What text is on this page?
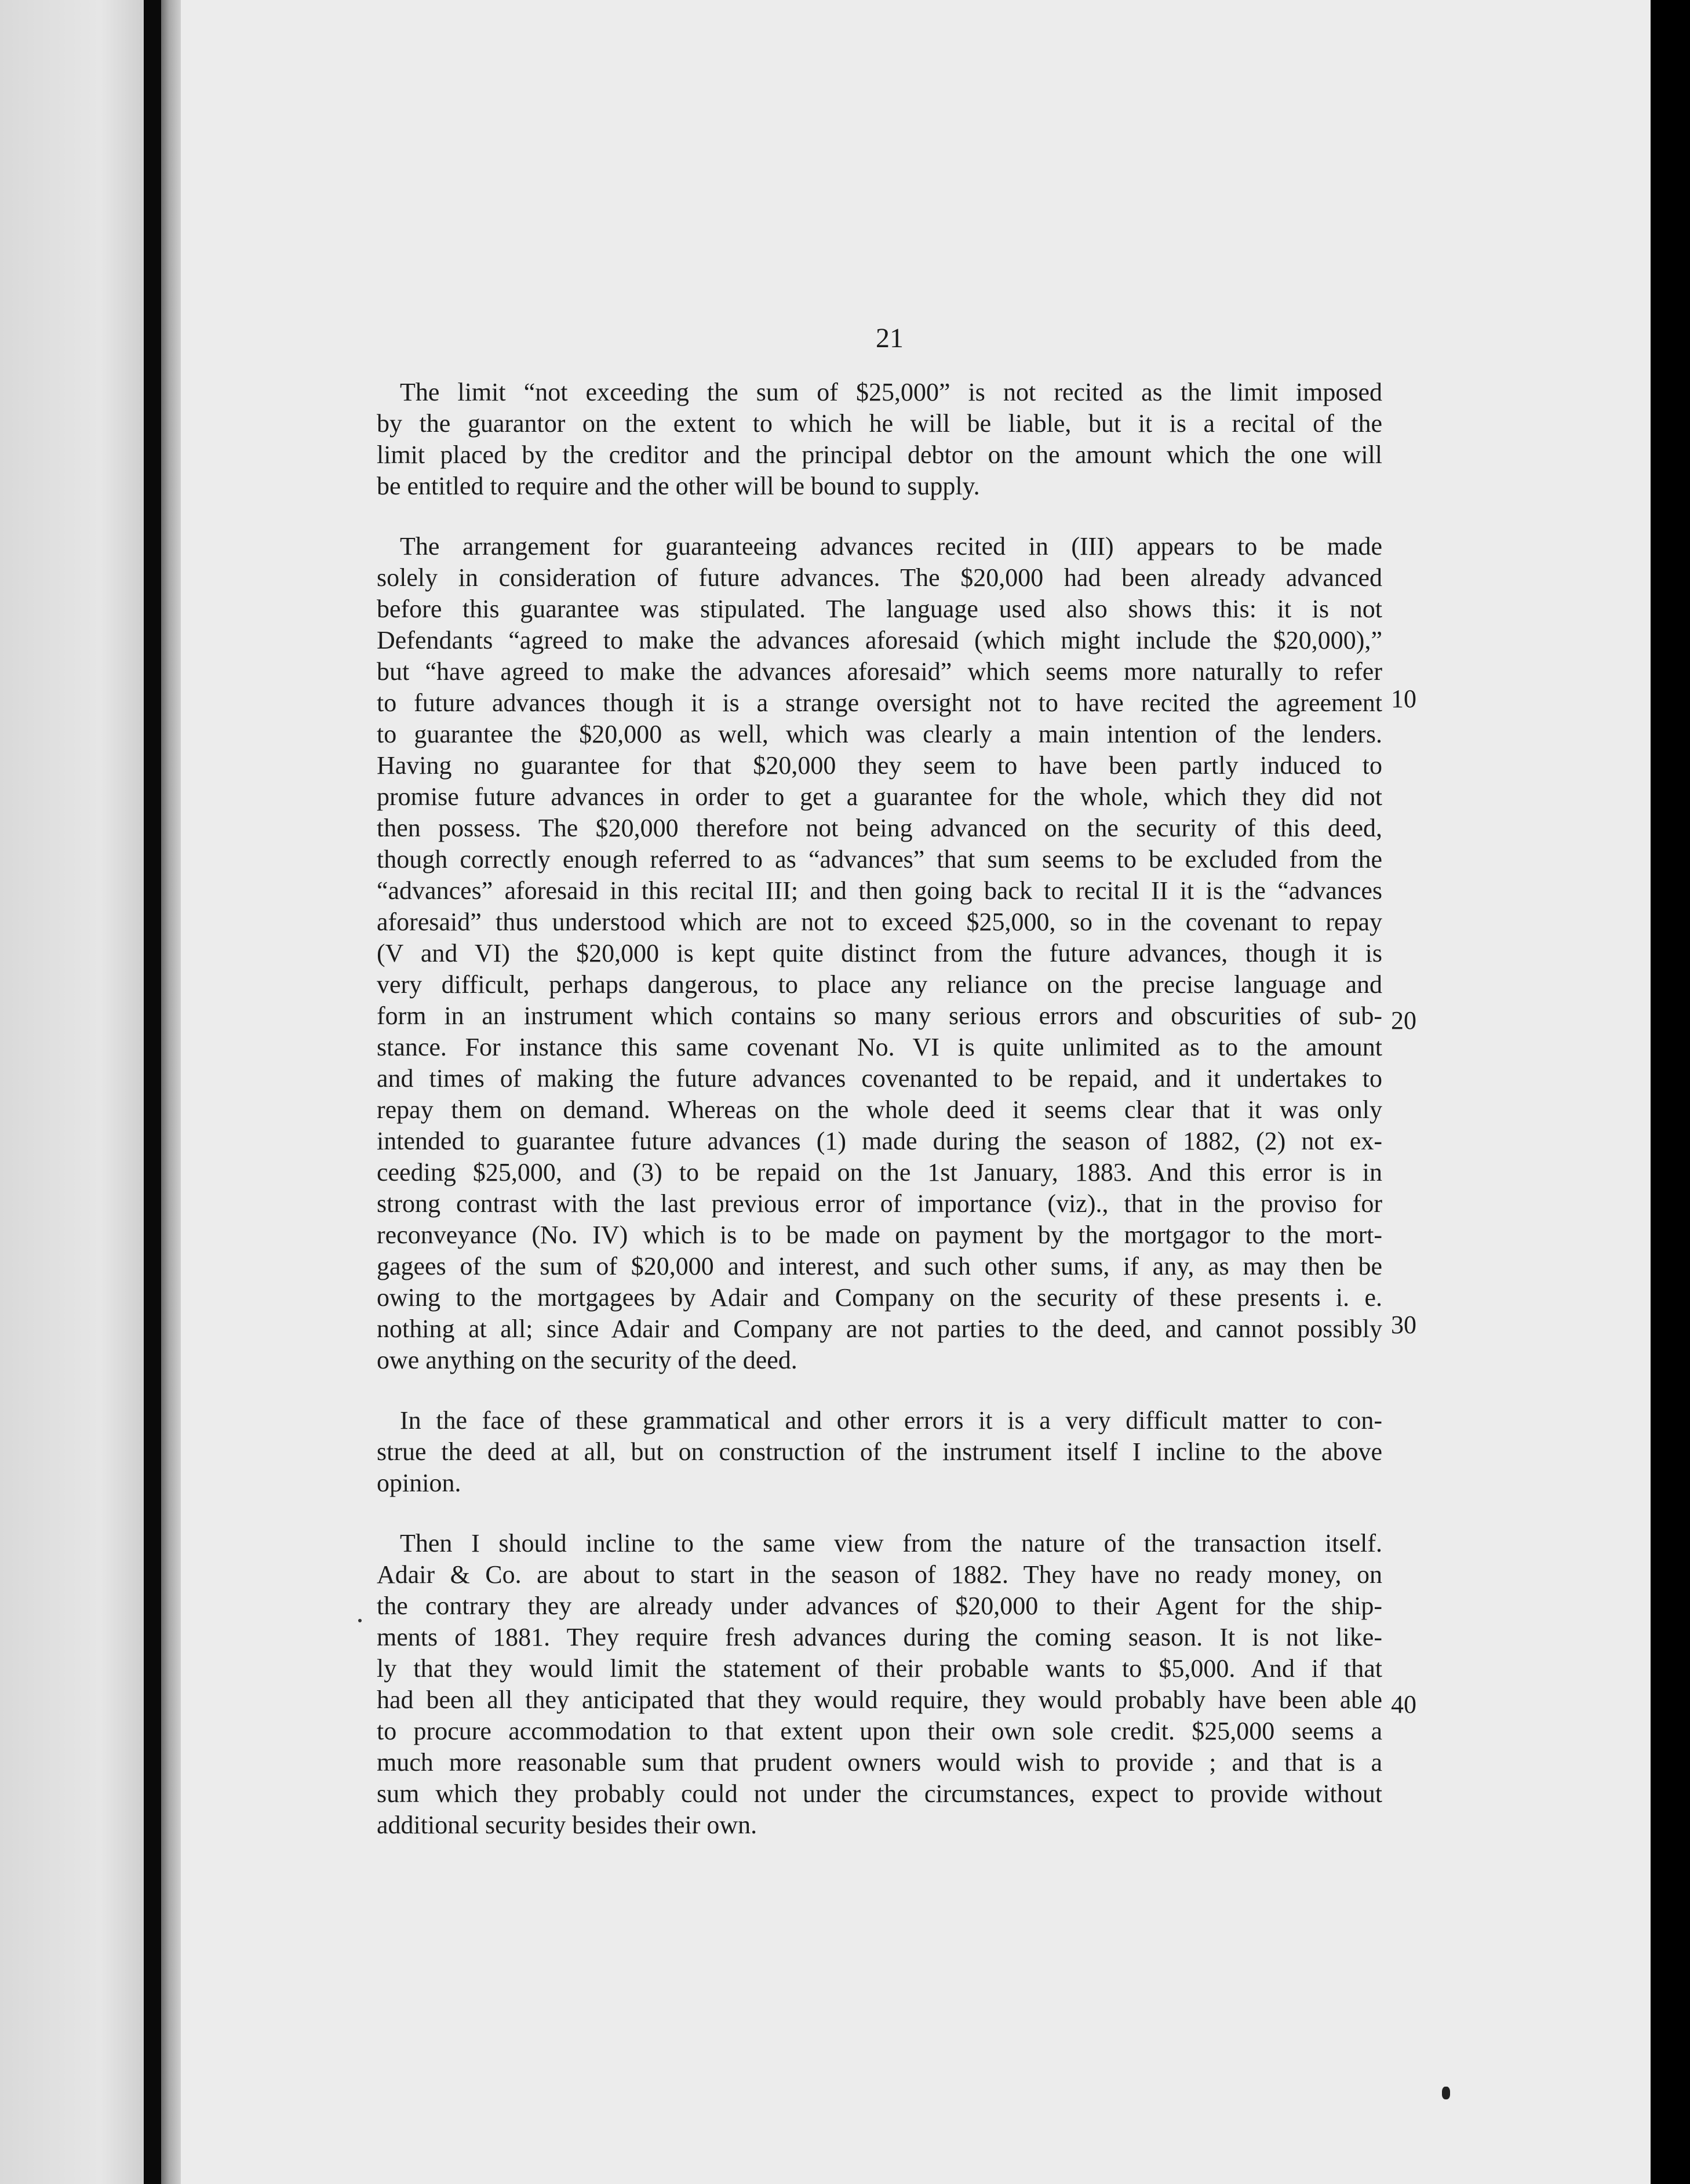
21

The limit “not exceeding the sum of $25,000” is not recited as the limit imposed
by the guarantor on the extent to which he will be liable, but it is a recital of the
limit placed by the creditor and the principal debtor on the amount which the one will
be entitled to require and the other will be bound to supply.
The arrangement for guaranteeing advances recited in (III) appears to be made
solely in consideration of future advances. The $20,000 had been already advanced
before this guarantee was stipulated. The language used also shows this: it is not
Defendants “agreed to make the advances aforesaid (which might include the $20,000),”
but “have agreed to make the advances aforesaid” which seems more naturally to refer
to future advances though it is a strange oversight not to have recited the agreement
to guarantee the $20,000 as well, which was clearly a main intention of the lenders.
Having no guarantee for that $20,000 they seem to have been partly induced to
promise future advances in order to get a guarantee for the whole, which they did not
then possess. The $20,000 therefore not being advanced on the security of this deed,
though correctly enough referred to as “advances” that sum seems to be excluded from the
“advances” aforesaid in this recital III; and then going back to recital II it is the “advances
aforesaid” thus understood which are not to exceed $25,000, so in the covenant to repay
(V and VI) the $20,000 is kept quite distinct from the future advances, though it is
very difficult, perhaps dangerous, to place any reliance on the precise language and
form in an instrument which contains so many serious errors and obscurities of sub-
stance. For instance this same covenant No. VI is quite unlimited as to the amount
and times of making the future advances covenanted to be repaid, and it undertakes to
repay them on demand. Whereas on the whole deed it seems clear that it was only
intended to guarantee future advances (1) made during the season of 1882, (2) not ex-
ceeding $25,000, and (3) to be repaid on the 1st January, 1883. And this error is in
strong contrast with the last previous error of importance (viz)., that in the proviso for
reconveyance (No. IV) which is to be made on payment by the mortgagor to the mort-
gagees of the sum of $20,000 and interest, and such other sums, if any, as may then be
owing to the mortgagees by Adair and Company on the security of these presents i. e.
nothing at all; since Adair and Company are not parties to the deed, and cannot possibly
owe anything on the security of the deed.
In the face of these grammatical and other errors it is a very difficult matter to con-
strue the deed at all, but on construction of the instrument itself I incline to the above
opinion.
Then I should incline to the same view from the nature of the transaction itself.
Adair & Co. are about to start in the season of 1882. They have no ready money, on
the contrary they are already under advances of $20,000 to their Agent for the ship-
ments of 1881. They require fresh advances during the coming season. It is not like-
ly that they would limit the statement of their probable wants to $5,000. And if that
had been all they anticipated that they would require, they would probably have been able
to procure accommodation to that extent upon their own sole credit. $25,000 seems a
much more reasonable sum that prudent owners would wish to provide ; and that is a
sum which they probably could not under the circumstances, expect to provide without
additional security besides their own.

10

20

30

40
